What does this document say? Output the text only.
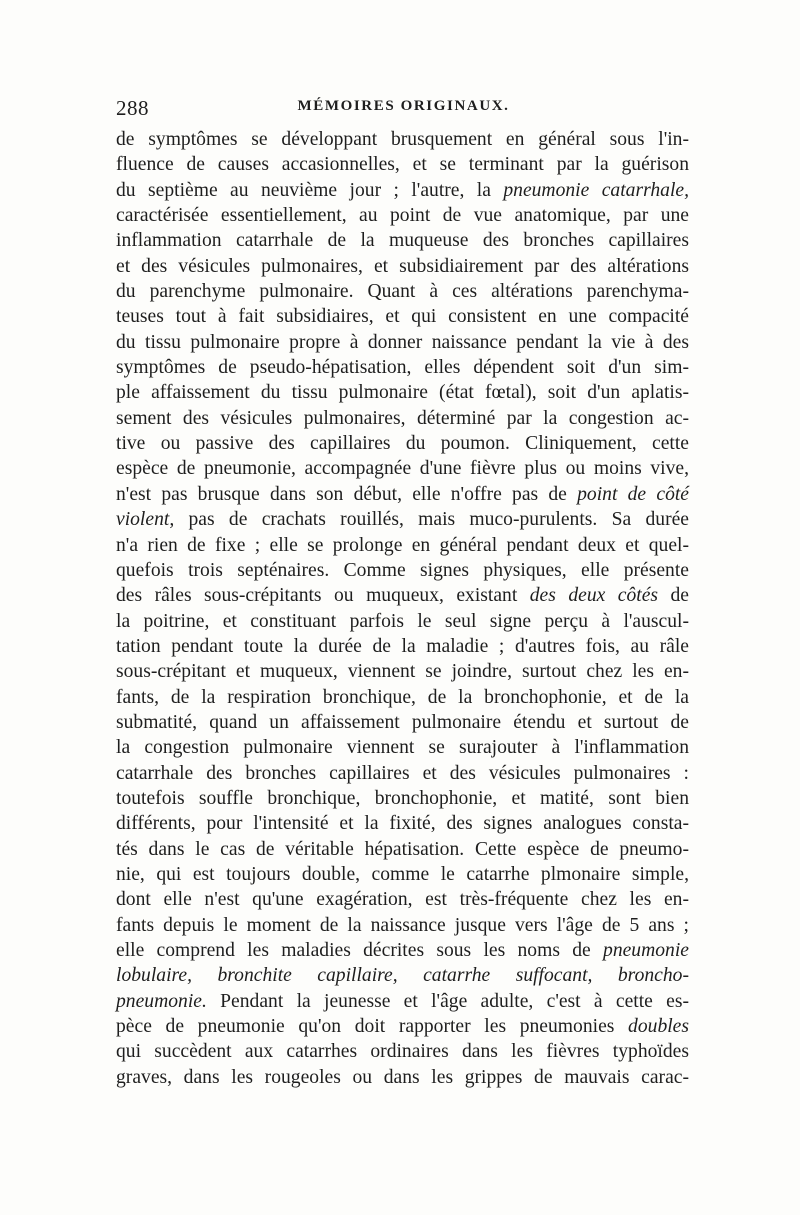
288	MÉMOIRES ORIGINAUX.
de symptômes se développant brusquement en général sous l'in-
fluence de causes accasionnelles, et se terminant par la guérison
du septième au neuvième jour ; l'autre, la pneumonie catarrhale,
caractérisée essentiellement, au point de vue anatomique, par une
inflammation catarrhale de la muqueuse des bronches capillaires
et des vésicules pulmonaires, et subsidiairement par des altérations
du parenchyme pulmonaire. Quant à ces altérations parenchyma-
teuses tout à fait subsidiaires, et qui consistent en une compacité
du tissu pulmonaire propre à donner naissance pendant la vie à des
symptômes de pseudo-hépatisation, elles dépendent soit d'un sim-
ple affaissement du tissu pulmonaire (état fœtal), soit d'un aplatis-
sement des vésicules pulmonaires, déterminé par la congestion ac-
tive ou passive des capillaires du poumon. Cliniquement, cette
espèce de pneumonie, accompagnée d'une fièvre plus ou moins vive,
n'est pas brusque dans son début, elle n'offre pas de point de côté
violent, pas de crachats rouillés, mais muco-purulents. Sa durée
n'a rien de fixe ; elle se prolonge en général pendant deux et quel-
quefois trois septénaires. Comme signes physiques, elle présente
des râles sous-crépitants ou muqueux, existant des deux côtés de
la poitrine, et constituant parfois le seul signe perçu à l'auscul-
tation pendant toute la durée de la maladie ; d'autres fois, au râle
sous-crépitant et muqueux, viennent se joindre, surtout chez les en-
fants, de la respiration bronchique, de la bronchophonie, et de la
submatité, quand un affaissement pulmonaire étendu et surtout de
la congestion pulmonaire viennent se surajouter à l'inflammation
catarrhale des bronches capillaires et des vésicules pulmonaires :
toutefois souffle bronchique, bronchophonie, et matité, sont bien
différents, pour l'intensité et la fixité, des signes analogues consta-
tés dans le cas de véritable hépatisation. Cette espèce de pneumo-
nie, qui est toujours double, comme le catarrhe plmonaire simple,
dont elle n'est qu'une exagération, est très-fréquente chez les en-
fants depuis le moment de la naissance jusque vers l'âge de 5 ans ;
elle comprend les maladies décrites sous les noms de pneumonie
lobulaire, bronchite capillaire, catarrhe suffocant, broncho-
pneumonie. Pendant la jeunesse et l'âge adulte, c'est à cette es-
pèce de pneumonie qu'on doit rapporter les pneumonies doubles
qui succèdent aux catarrhes ordinaires dans les fièvres typhoïdes
graves, dans les rougeoles ou dans les grippes de mauvais carac-
